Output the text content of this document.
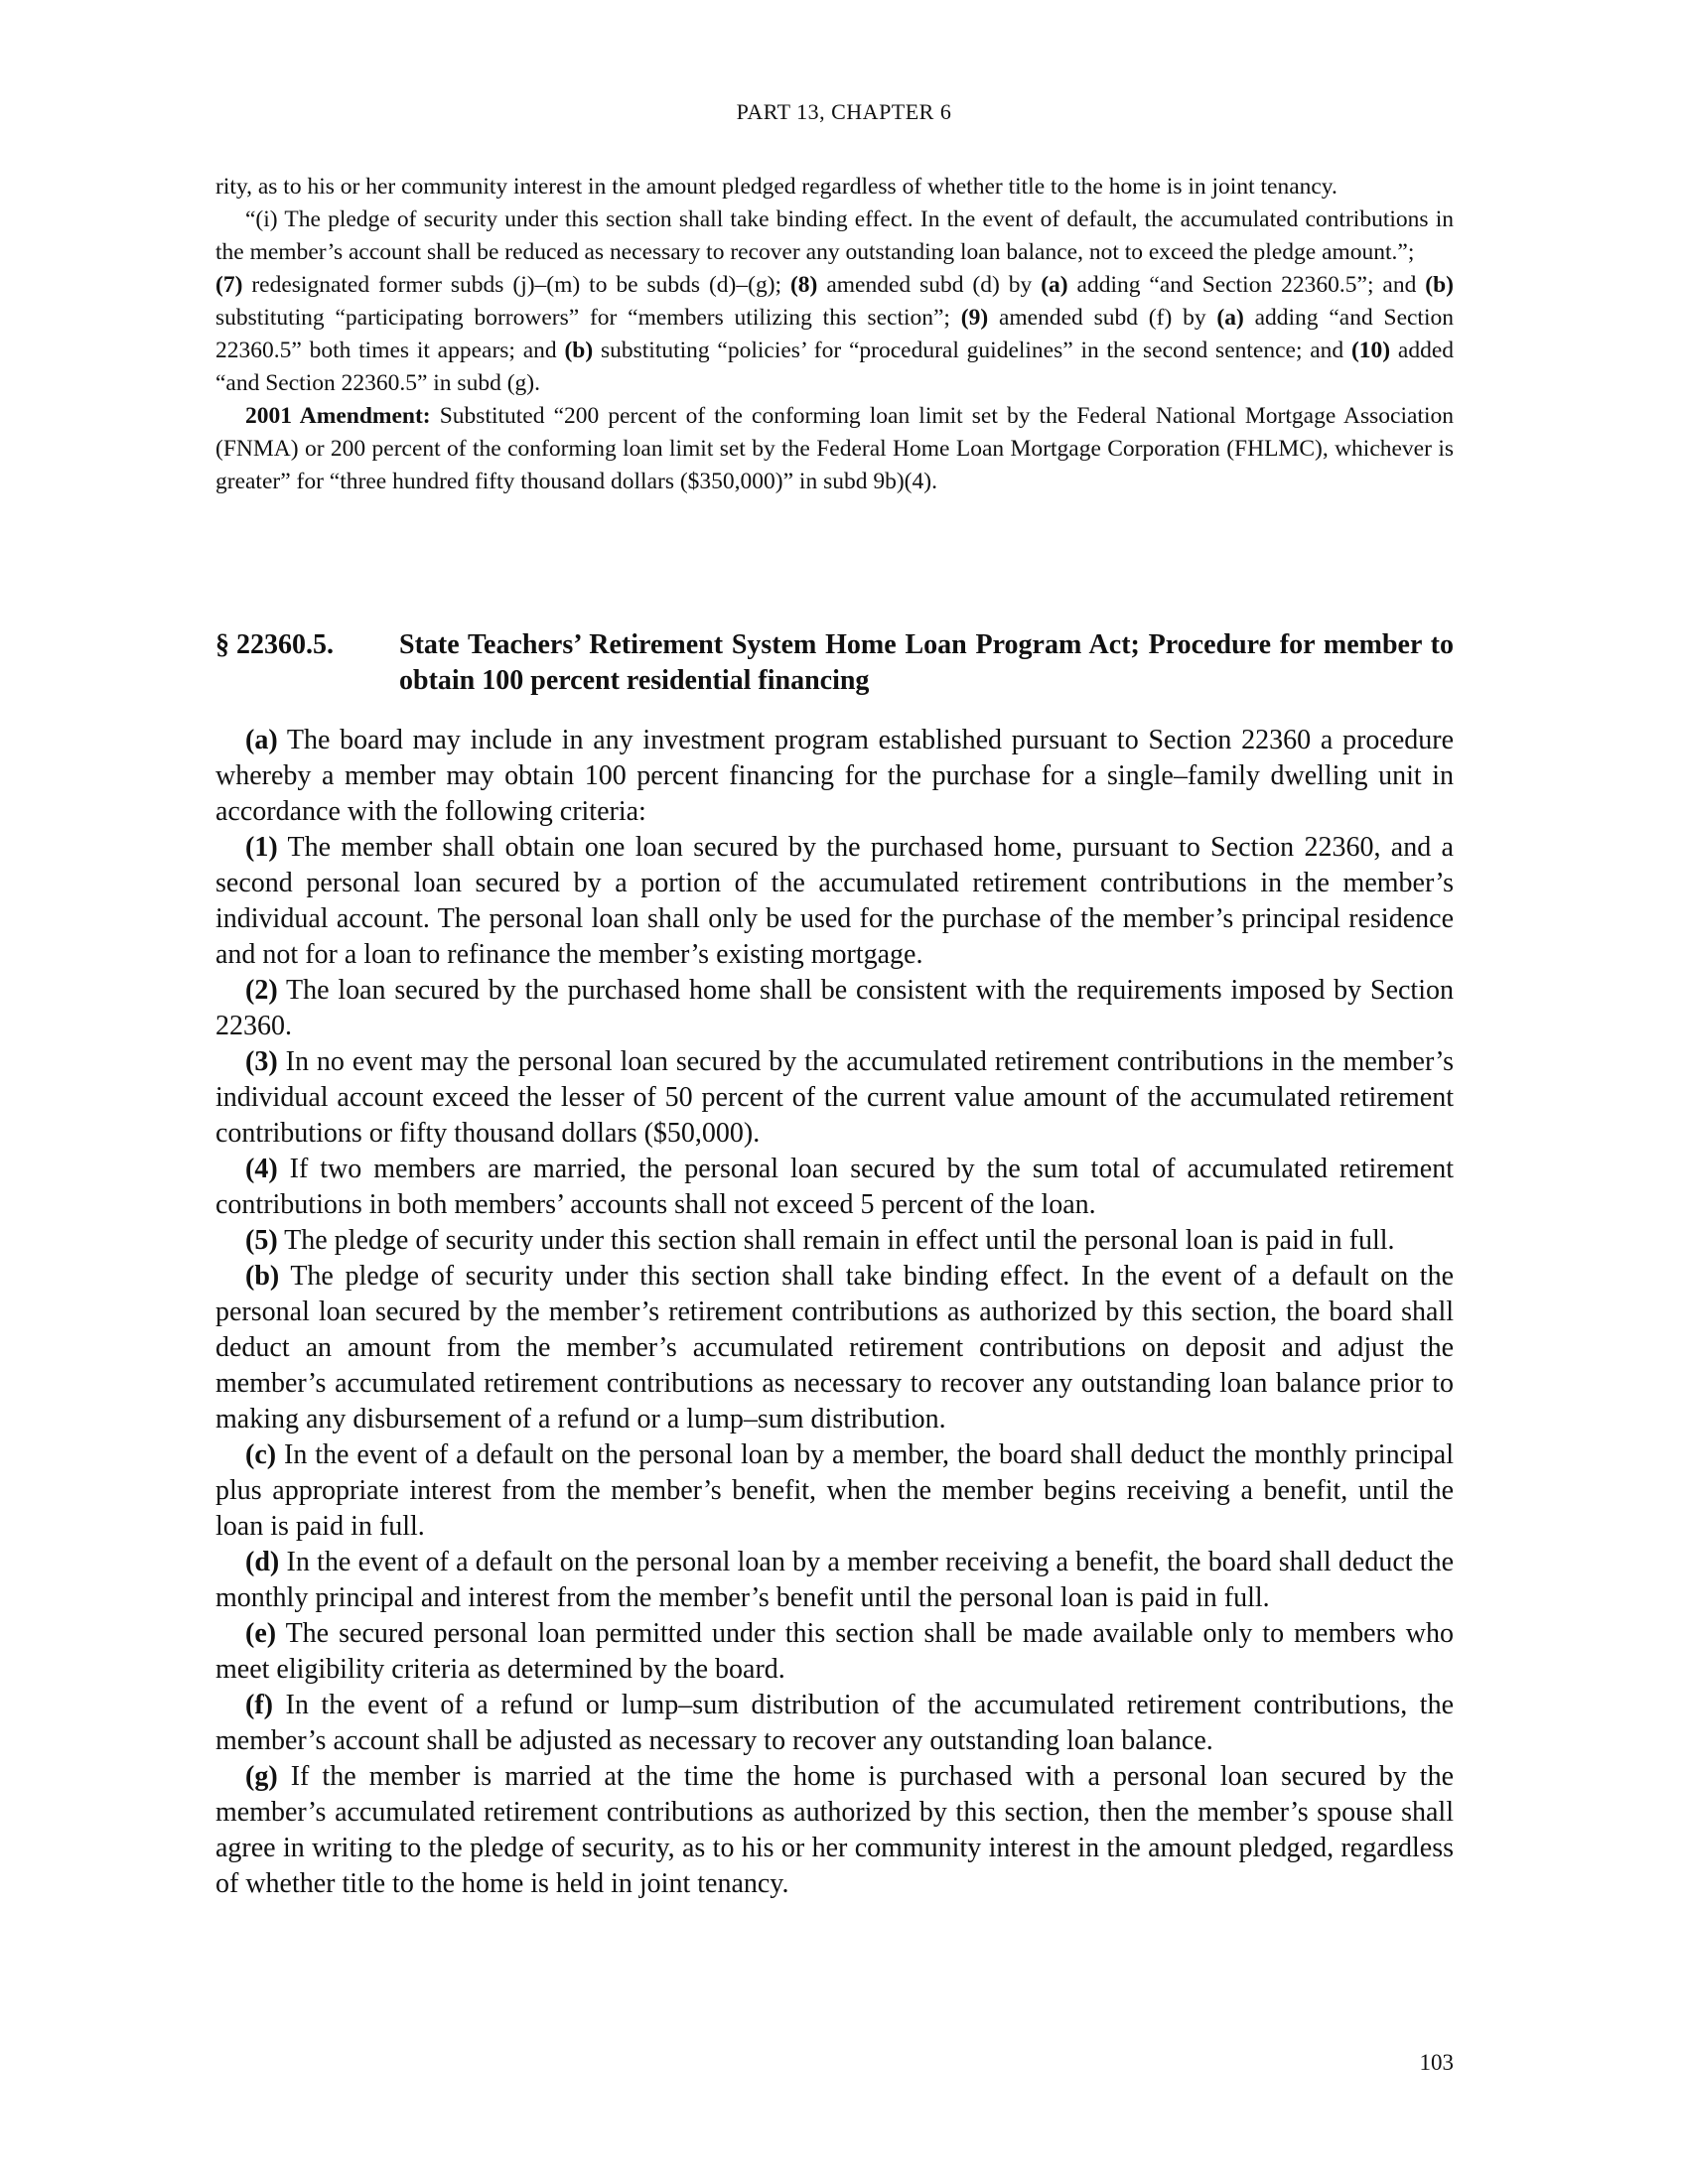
PART 13, CHAPTER 6

rity, as to his or her community interest in the amount pledged regardless of whether title to the home is in joint tenancy.

“(i) The pledge of security under this section shall take binding effect. In the event of default, the accumulated contributions in the member’s account shall be reduced as necessary to recover any outstanding loan balance, not to exceed the pledge amount.”;

(7) redesignated former subds (j)–(m) to be subds (d)–(g); (8) amended subd (d) by (a) adding “and Section 22360.5”; and (b) substituting “participating borrowers” for “members utilizing this section”; (9) amended subd (f) by (a) adding “and Section 22360.5” both times it appears; and (b) substituting “policies’ for “procedural guidelines” in the second sentence; and (10) added “and Section 22360.5” in subd (g).

2001 Amendment: Substituted “200 percent of the conforming loan limit set by the Federal National Mortgage Association (FNMA) or 200 percent of the conforming loan limit set by the Federal Home Loan Mortgage Corporation (FHLMC), whichever is greater” for “three hundred fifty thousand dollars ($350,000)” in subd 9b)(4).

§ 22360.5.	State Teachers’ Retirement System Home Loan Program Act; Procedure for member to obtain 100 percent residential financing

(a) The board may include in any investment program established pursuant to Section 22360 a procedure whereby a member may obtain 100 percent financing for the purchase for a single–family dwelling unit in accordance with the following criteria:

(1) The member shall obtain one loan secured by the purchased home, pursuant to Section 22360, and a second personal loan secured by a portion of the accumulated retirement contributions in the member’s individual account. The personal loan shall only be used for the purchase of the member’s principal residence and not for a loan to refinance the member’s existing mortgage.

(2) The loan secured by the purchased home shall be consistent with the requirements imposed by Section 22360.

(3) In no event may the personal loan secured by the accumulated retirement contributions in the member’s individual account exceed the lesser of 50 percent of the current value amount of the accumulated retirement contributions or fifty thousand dollars ($50,000).

(4) If two members are married, the personal loan secured by the sum total of accumulated retirement contributions in both members’ accounts shall not exceed 5 percent of the loan.

(5) The pledge of security under this section shall remain in effect until the personal loan is paid in full.

(b) The pledge of security under this section shall take binding effect. In the event of a default on the personal loan secured by the member’s retirement contributions as authorized by this section, the board shall deduct an amount from the member’s accumulated retirement contributions on deposit and adjust the member’s accumulated retirement contributions as necessary to recover any outstanding loan balance prior to making any disbursement of a refund or a lump–sum distribution.

(c) In the event of a default on the personal loan by a member, the board shall deduct the monthly principal plus appropriate interest from the member’s benefit, when the member begins receiving a benefit, until the loan is paid in full.

(d) In the event of a default on the personal loan by a member receiving a benefit, the board shall deduct the monthly principal and interest from the member’s benefit until the personal loan is paid in full.

(e) The secured personal loan permitted under this section shall be made available only to members who meet eligibility criteria as determined by the board.

(f) In the event of a refund or lump–sum distribution of the accumulated retirement contributions, the member’s account shall be adjusted as necessary to recover any outstanding loan balance.

(g) If the member is married at the time the home is purchased with a personal loan secured by the member’s accumulated retirement contributions as authorized by this section, then the member’s spouse shall agree in writing to the pledge of security, as to his or her community interest in the amount pledged, regardless of whether title to the home is held in joint tenancy.

103
